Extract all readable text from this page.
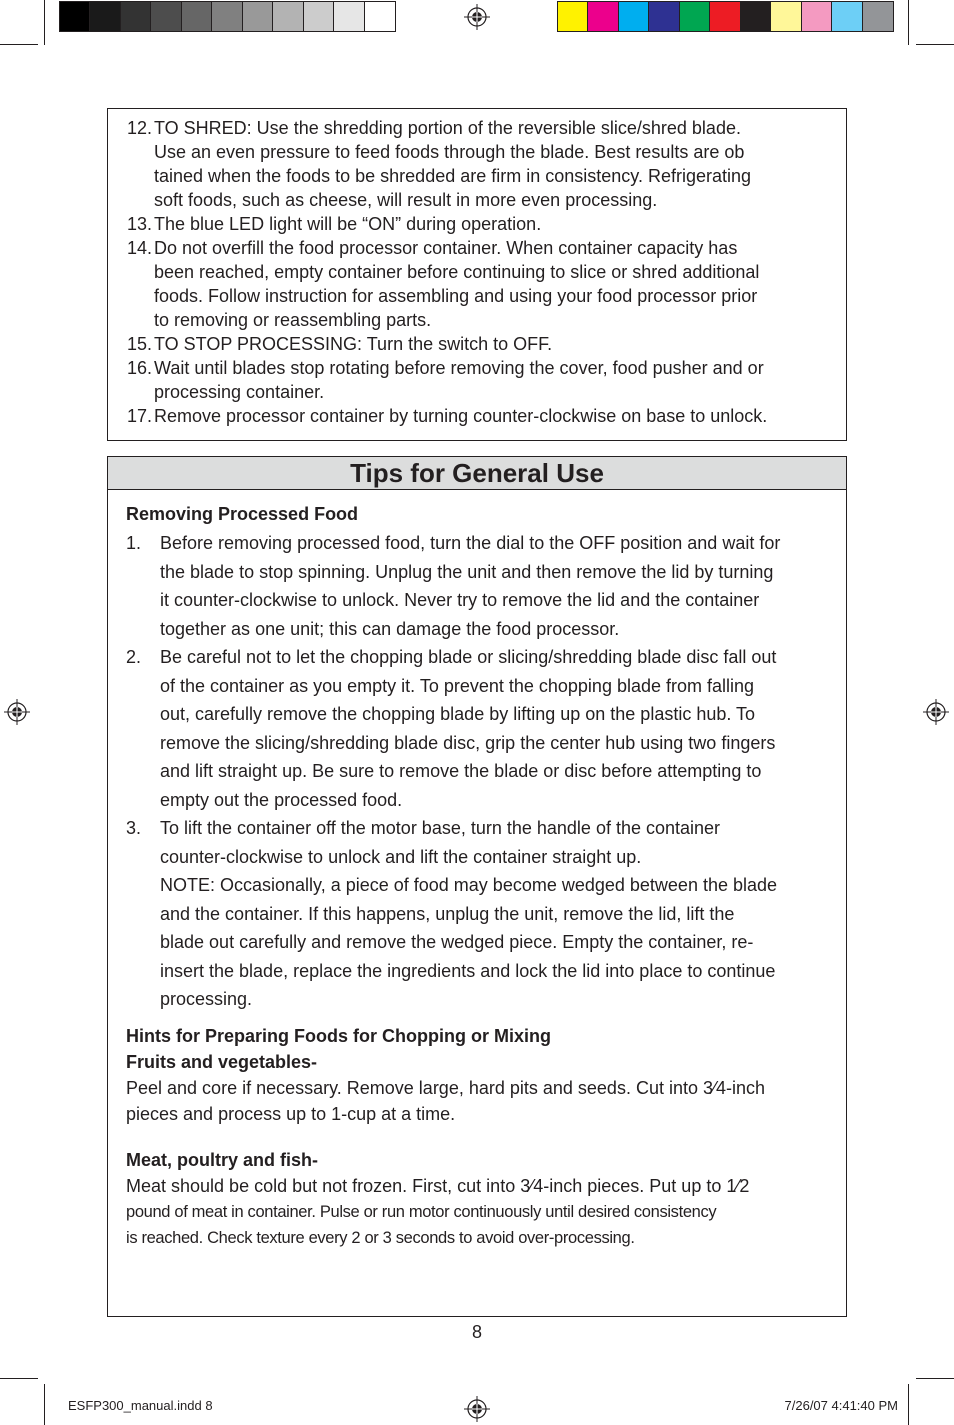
12. TO SHRED: Use the shredding portion of the reversible slice/shred blade.
Use an even pressure to feed foods through the blade. Best results are ob
tained when the foods to be shredded are firm in consistency. Refrigerating
soft foods, such as cheese, will result in more even processing.
13. The blue LED light will be “ON” during operation.
14. Do not overfill the food processor container. When container capacity has
been reached, empty container before continuing to slice or shred additional
foods. Follow instruction for assembling and using your food processor prior
to removing or reassembling parts.
15. TO STOP PROCESSING: Turn the switch to OFF.
16. Wait until blades stop rotating before removing the cover, food pusher and or
processing container.
17. Remove processor container by turning counter-clockwise on base to unlock.
Tips for General Use
Removing Processed Food
1. Before removing processed food, turn the dial to the OFF position and wait for
the blade to stop spinning. Unplug the unit and then remove the lid by turning
it counter-clockwise to unlock. Never try to remove the lid and the container
together as one unit; this can damage the food processor.
2. Be careful not to let the chopping blade or slicing/shredding blade disc fall out
of the container as you empty it. To prevent the chopping blade from falling
out, carefully remove the chopping blade by lifting up on the plastic hub. To
remove the slicing/shredding blade disc, grip the center hub using two fingers
and lift straight up. Be sure to remove the blade or disc before attempting to
empty out the processed food.
3. To lift the container off the motor base, turn the handle of the container
counter-clockwise to unlock and lift the container straight up.
NOTE: Occasionally, a piece of food may become wedged between the blade
and the container. If this happens, unplug the unit, remove the lid, lift the
blade out carefully and remove the wedged piece. Empty the container, re-
insert the blade, replace the ingredients and lock the lid into place to continue
processing.
Hints for Preparing Foods for Chopping or Mixing
Fruits and vegetables-
Peel and core if necessary. Remove large, hard pits and seeds. Cut into 3⁄4-inch
pieces and process up to 1-cup at a time.
Meat, poultry and fish-
Meat should be cold but not frozen. First, cut into 3⁄4-inch pieces. Put up to 1⁄2
pound of meat in container. Pulse or run motor continuously until desired consistency
is reached. Check texture every 2 or 3 seconds to avoid over-processing.
8
ESFP300_manual.indd 8	7/26/07 4:41:40 PM
